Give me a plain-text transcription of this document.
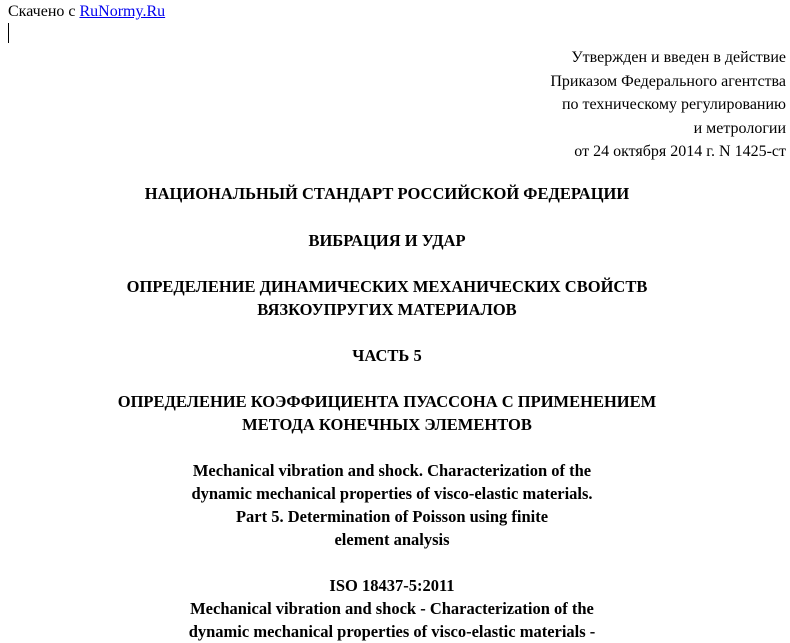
Скачено с RuNormy.Ru
Утвержден и введен в действие
Приказом Федерального агентства
по техническому регулированию
и метрологии
от 24 октября 2014 г. N 1425-ст
НАЦИОНАЛЬНЫЙ СТАНДАРТ РОССИЙСКОЙ ФЕДЕРАЦИИ
ВИБРАЦИЯ И УДАР
ОПРЕДЕЛЕНИЕ ДИНАМИЧЕСКИХ МЕХАНИЧЕСКИХ СВОЙСТВ
ВЯЗКОУПРУГИХ МАТЕРИАЛОВ
ЧАСТЬ 5
ОПРЕДЕЛЕНИЕ КОЭФФИЦИЕНТА ПУАССОНА С ПРИМЕНЕНИЕМ
МЕТОДА КОНЕЧНЫХ ЭЛЕМЕНТОВ
Mechanical vibration and shock. Characterization of the
dynamic mechanical properties of visco-elastic materials.
Part 5. Determination of Poisson using finite
element analysis
ISO 18437-5:2011
Mechanical vibration and shock - Characterization of the
dynamic mechanical properties of visco-elastic materials -
